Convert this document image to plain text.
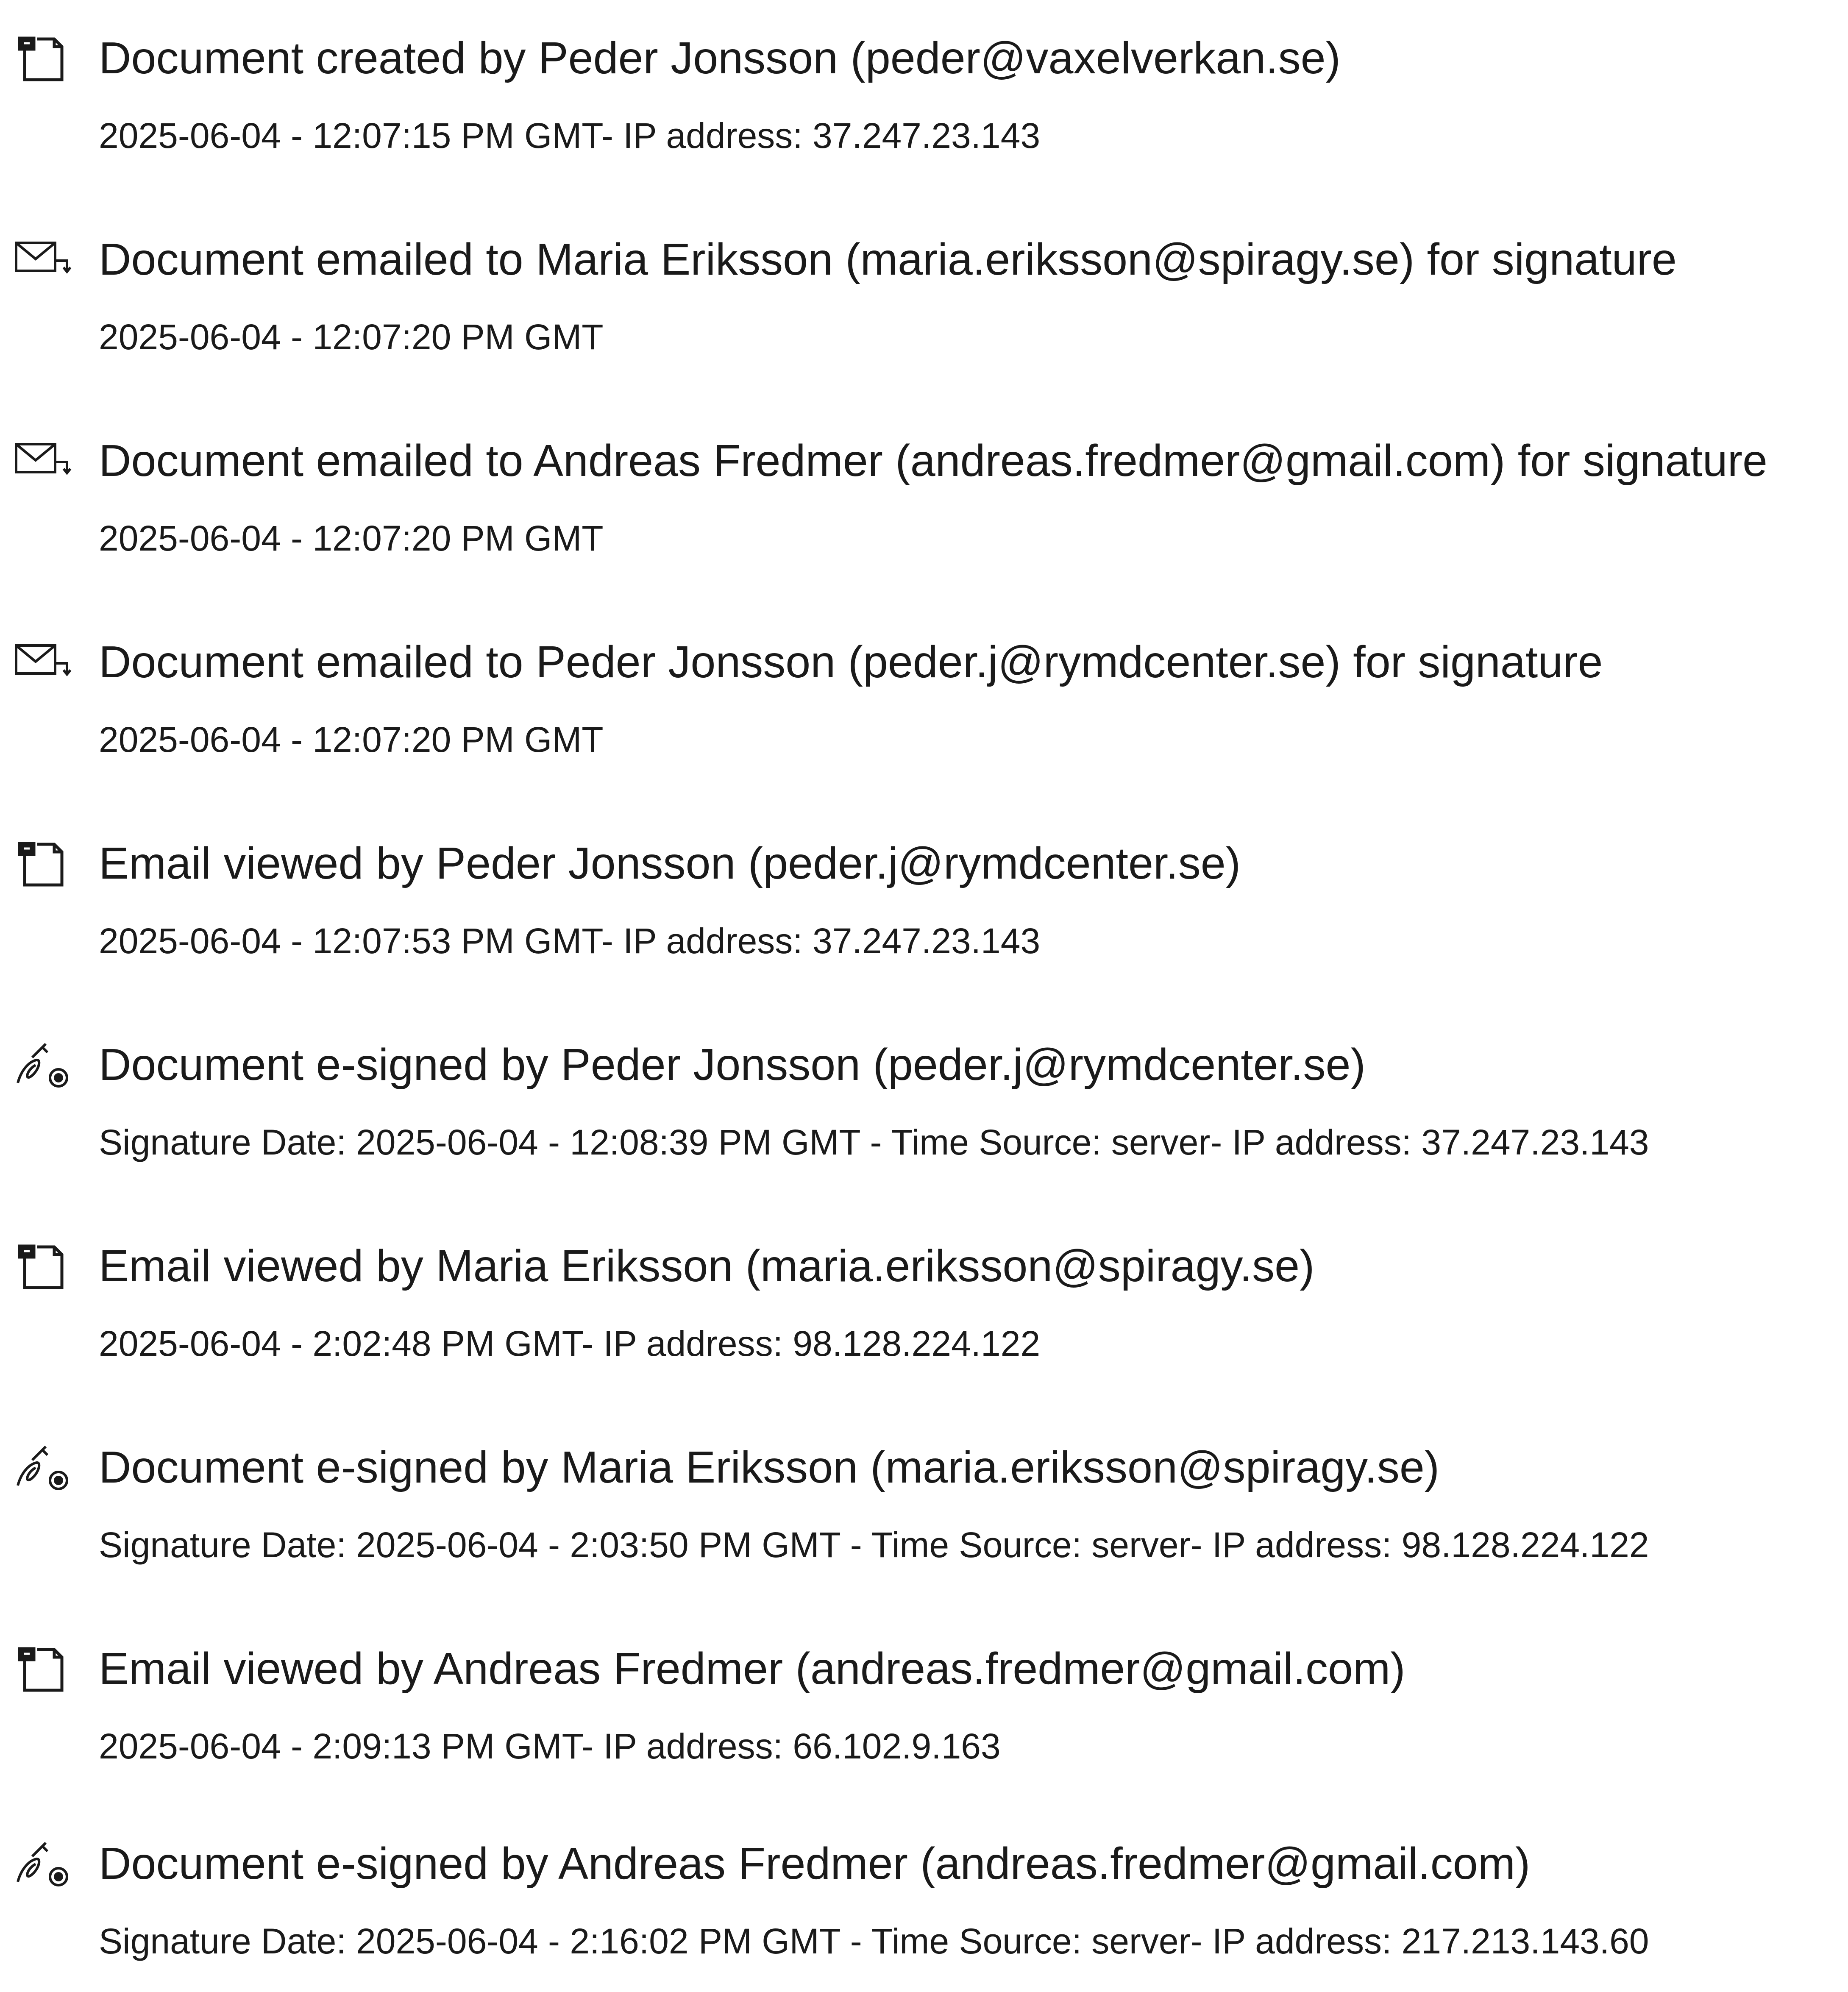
Document created by Peder Jonsson (peder@vaxelverkan.se)
2025-06-04 - 12:07:15 PM GMT- IP address: 37.247.23.143
Document emailed to Maria Eriksson (maria.eriksson@spiragy.se) for signature
2025-06-04 - 12:07:20 PM GMT
Document emailed to Andreas Fredmer (andreas.fredmer@gmail.com) for signature
2025-06-04 - 12:07:20 PM GMT
Document emailed to Peder Jonsson (peder.j@rymdcenter.se) for signature
2025-06-04 - 12:07:20 PM GMT
Email viewed by Peder Jonsson (peder.j@rymdcenter.se)
2025-06-04 - 12:07:53 PM GMT- IP address: 37.247.23.143
Document e-signed by Peder Jonsson (peder.j@rymdcenter.se)
Signature Date: 2025-06-04 - 12:08:39 PM GMT - Time Source: server- IP address: 37.247.23.143
Email viewed by Maria Eriksson (maria.eriksson@spiragy.se)
2025-06-04 - 2:02:48 PM GMT- IP address: 98.128.224.122
Document e-signed by Maria Eriksson (maria.eriksson@spiragy.se)
Signature Date: 2025-06-04 - 2:03:50 PM GMT - Time Source: server- IP address: 98.128.224.122
Email viewed by Andreas Fredmer (andreas.fredmer@gmail.com)
2025-06-04 - 2:09:13 PM GMT- IP address: 66.102.9.163
Document e-signed by Andreas Fredmer (andreas.fredmer@gmail.com)
Signature Date: 2025-06-04 - 2:16:02 PM GMT - Time Source: server- IP address: 217.213.143.60
